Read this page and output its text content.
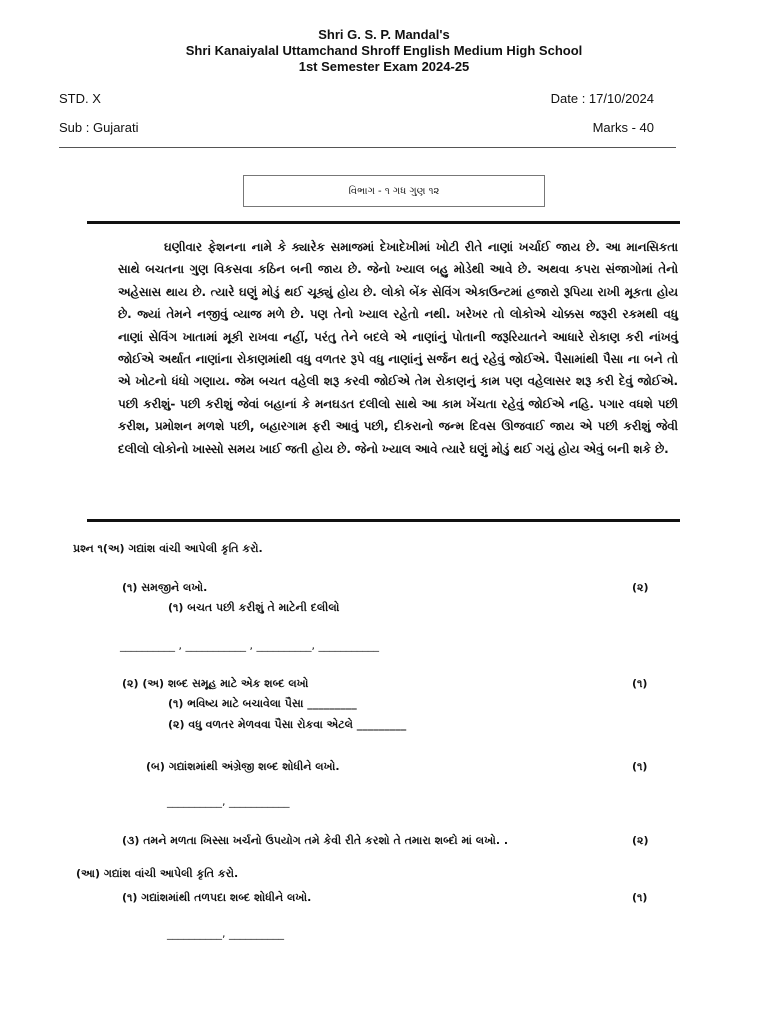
Shri G. S. P. Mandal's
Shri Kanaiyalal Uttamchand Shroff English Medium High School
1st Semester Exam 2024-25
STD. X	Date : 17/10/2024
Sub : Gujarati	Marks - 40
વિભાગ - ૧ ગધ ગુણ ૧૨

ઘણીવાર ફેશનના નામે કે ક્યારેક સમાજમાં દેખાદેખીમાં ખોટી રીતે નાણાં ખર્ચાઈ જાય છે. આ માનસિકતા સાથે બચતના ગુણ વિકસવા કઠિન બની જાય છે. જેનો ખ્યાલ બહુ મોડેથી આવે છે. અથવા કપરા સંજાગોમાં તેનો અહેસાસ થાય છે. ત્યારે ઘણું મોડું થઈ ચૂક્યું હોય છે. લોકો બેંક સેવિંગ એકાઉન્ટમાં હજારો રૂપિયા રાખી મૂકતા હોય છે. જ્યાં તેમને નજીવું વ્યાજ મળે છે. પણ તેનો ખ્યાલ રહેતો નથી. ખરેખર તો લોકોએ ચોક્કસ જરૂરી રકમથી વધુ નાણાં સેવિંગ ખાતામાં મૂકી રાખવા નહીં, પરંતુ તેને બદલે એ નાણાંનું પોતાની જરૂરિયાતને આધારે રોકાણ કરી નાંખવું જોઈએ અર્થાત નાણાંના રોકાણમાંથી વધુ વળતર રૂપે વધુ નાણાંનું સર્જન થતું રહેવું જોઈએ. પૈસામાંથી પૈસા ના બને તો એ ખોટનો ધંધો ગણાય. જેમ બચત વહેલી શરૂ કરવી જોઈએ તેમ રોકાણનું કામ પણ વહેલાસર શરૂ કરી દેવું જોઈએ. પછી કરીશું- પછી કરીશું જેવાં બહાનાં કે મનઘડત દલીલો સાથે આ કામ ખેંચતા રહેવું જોઈએ નહિ. પગાર વધશે પછી કરીશ, પ્રમોશન મળશે પછી, બહારગામ ફરી આવું પછી, દીકરાનો જન્મ દિવસ ઊજવાઈ જાય એ પછી કરીશું જેવી દલીલો લોકોનો ખાસ્સો સમય ખાઈ જતી હોય છે. જેનો ખ્યાલ આવે ત્યારે ઘણું મોડું થઈ ગયું હોય એવું બની શકે છે.

પ્રશ્ન ૧(અ) ગદ્યાંશ વાંચી આપેલી કૃતિ કરો.
(૧) સમજીને લખો.	(૨)
(૧) બચત પછી કરીશું તે માટેની દલીલો
__________ , ___________ , __________, ___________
(૨) (અ) શબ્દ સમૂહ માટે એક શબ્દ લખો	(૧)
(૧) ભવિષ્ય માટે બચાવેલા પૈસા _________
(૨) વધુ વળતર મેળવવા પૈસા રોકવા એટલે _________
(બ) ગદ્યાંશમાંથી અંગ્રેજી શબ્દ શોધીને લખો.	(૧)
__________, ___________
(૩) તમને મળતા ખિસ્સા ખર્ચનો ઉપયોગ તમે કેવી રીતે કરશો તે તમારા શબ્દો માં લખો. .	(૨)
(આ) ગદ્યાંશ વાંચી આપેલી કૃતિ કરો.
(૧) ગદ્યાંશમાંથી તળપદા શબ્દ શોધીને લખો.	(૧)
__________, __________
